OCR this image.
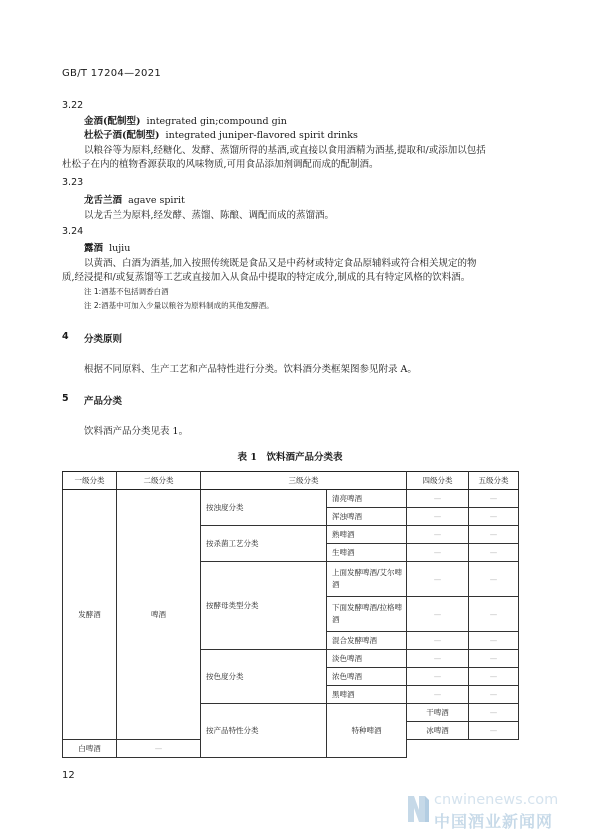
GB/T 17204—2021
3.22
金酒(配制型) integrated gin;compound gin
杜松子酒(配制型) integrated juniper-flavored spirit drinks
以粮谷等为原料,经糖化、发酵、蒸馏所得的基酒,或直接以食用酒精为酒基,提取和/或添加以包括
杜松子在内的植物香源获取的风味物质,可用食品添加剂调配而成的配制酒。
3.23
龙舌兰酒 agave spirit
以龙舌兰为原料,经发酵、蒸馏、陈酿、调配而成的蒸馏酒。
3.24
露酒 lujiu
以黄酒、白酒为酒基,加入按照传统既是食品又是中药材或特定食品原辅料或符合相关规定的物
质,经浸提和/或复蒸馏等工艺或直接加入从食品中提取的特定成分,制成的具有特定风格的饮料酒。
注 1:酒基不包括调香白酒
注 2:酒基中可加入少量以粮谷为原料制成的其他发酵酒。
4 分类原则
根据不同原料、生产工艺和产品特性进行分类。饮料酒分类框架图参见附录 A。
5 产品分类
饮料酒产品分类见表 1。
表 1　饮料酒产品分类表
一级分类	二级分类	三级分类		四级分类	五级分类
发酵酒	啤酒	按浊度分类	清亮啤酒	—	—
			浑浊啤酒	—	—
		按杀菌工艺分类	熟啤酒	—	—
			生啤酒	—	—
		按酵母类型分类	上面发酵啤酒/艾尔啤酒	—	—

			下面发酵啤酒/拉格啤酒	—	—

			混合发酵啤酒	—	—
		按色度分类	淡色啤酒	—	—
			浓色啤酒	—	—
			黑啤酒	—	—
		按产品特性分类	特种啤酒	干啤酒	—
				冰啤酒	—
白啤酒	—				
12
cnwinenews.com
中国酒业新闻网
